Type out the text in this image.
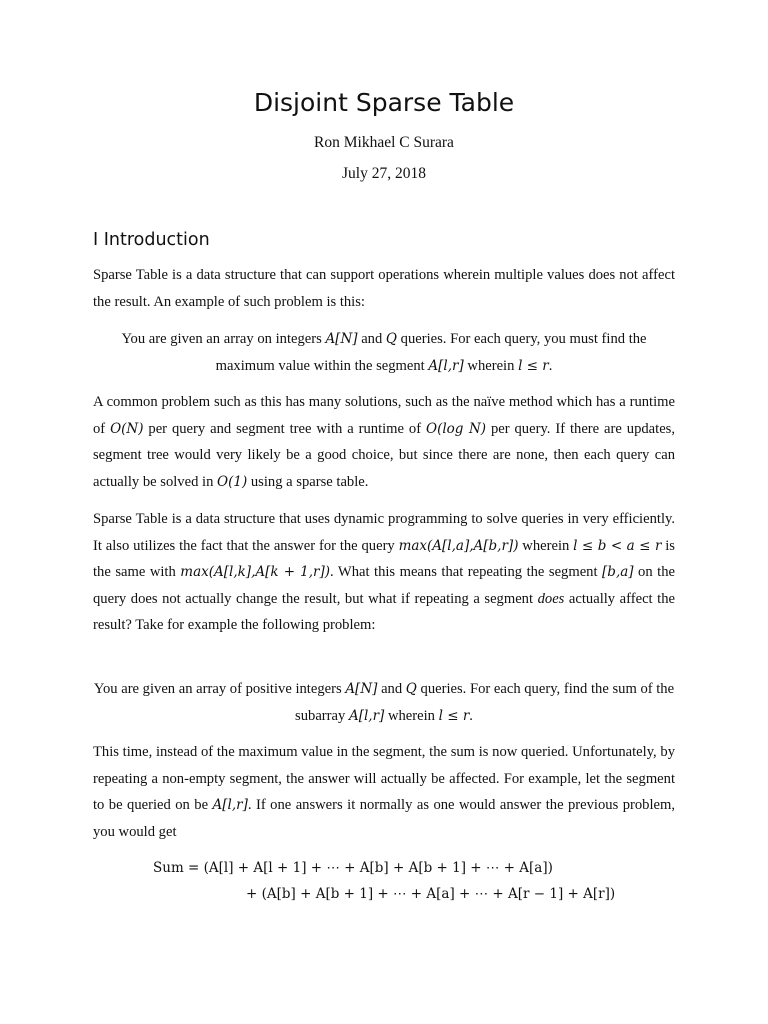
Disjoint Sparse Table
Ron Mikhael C Surara
July 27, 2018
I Introduction

Sparse Table is a data structure that can support operations wherein multiple values does not affect the result. An example of such problem is this:

You are given an array on integers A[N] and Q queries. For each query, you must find the maximum value within the segment A[l,r] wherein l ≤ r.

A common problem such as this has many solutions, such as the naïve method which has a runtime of O(N) per query and segment tree with a runtime of O(log N) per query. If there are updates, segment tree would very likely be a good choice, but since there are none, then each query can actually be solved in O(1) using a sparse table.

Sparse Table is a data structure that uses dynamic programming to solve queries in very efficiently. It also utilizes the fact that the answer for the query max(A[l,a],A[b,r]) wherein l ≤ b < a ≤ r is the same with max(A[l,k],A[k + 1,r]). What this means that repeating the segment [b,a] on the query does not actually change the result, but what if repeating a segment does actually affect the result? Take for example the following problem:

You are given an array of positive integers A[N] and Q queries. For each query, find the sum of the subarray A[l,r] wherein l ≤ r.

This time, instead of the maximum value in the segment, the sum is now queried. Unfortunately, by repeating a non-empty segment, the answer will actually be affected. For example, let the segment to be queried on be A[l,r]. If one answers it normally as one would answer the previous problem, you would get

Sum = (A[l] + A[l + 1] + ⋯ + A[b] + A[b + 1] + ⋯ + A[a])
+ (A[b] + A[b + 1] + ⋯ + A[a] + ⋯ + A[r − 1] + A[r])
